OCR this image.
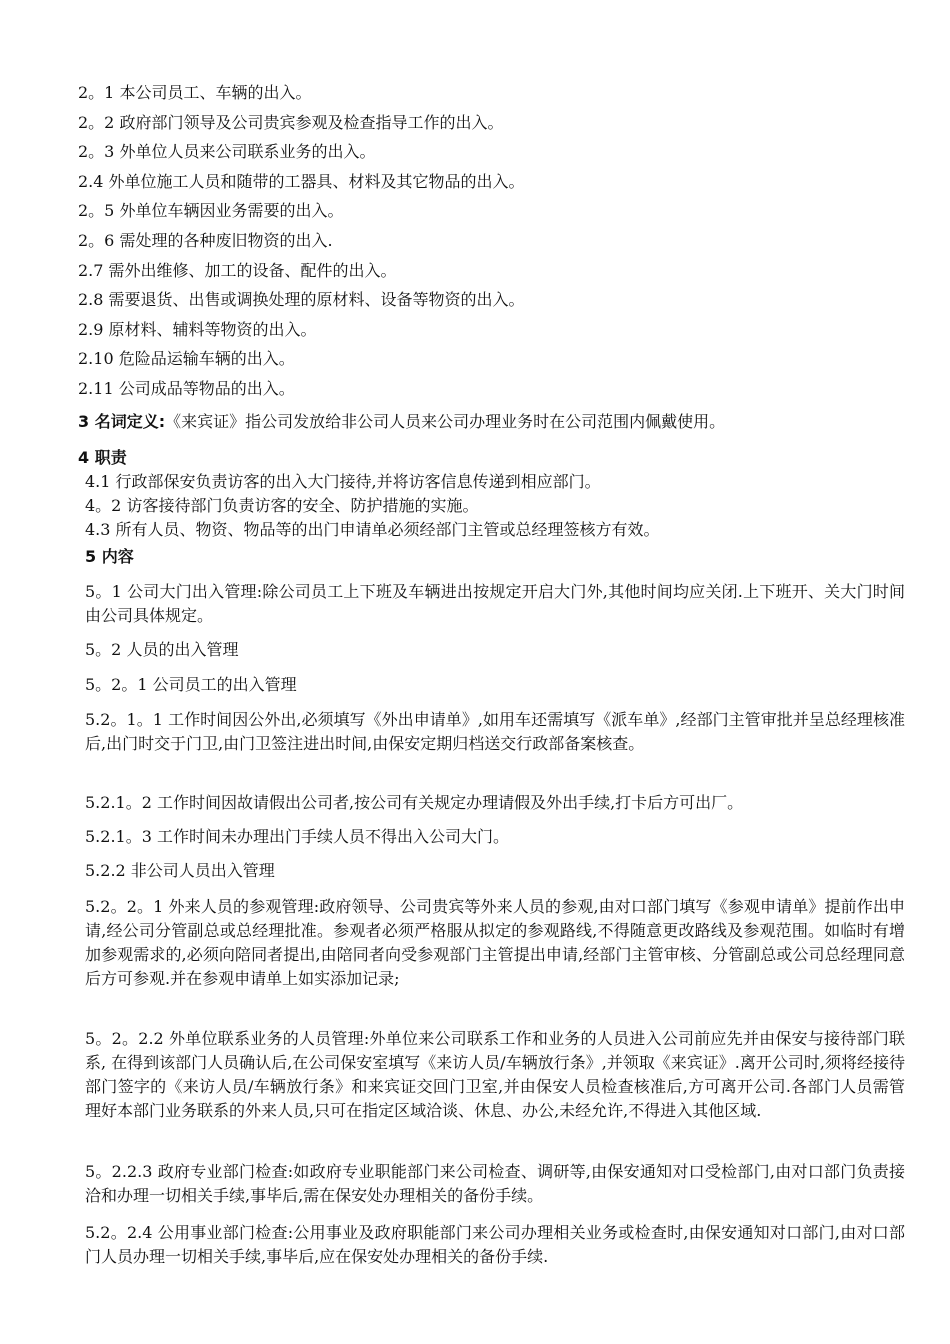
2。1 本公司员工、车辆的出入。
2。2 政府部门领导及公司贵宾参观及检查指导工作的出入。
2。3 外单位人员来公司联系业务的出入。
2.4 外单位施工人员和随带的工器具、材料及其它物品的出入。
2。5 外单位车辆因业务需要的出入。
2。6 需处理的各种废旧物资的出入.
2.7 需外出维修、加工的设备、配件的出入。
2.8 需要退货、出售或调换处理的原材料、设备等物资的出入。
2.9 原材料、辅料等物资的出入。
2.10 危险品运输车辆的出入。
2.11 公司成品等物品的出入。
3 名词定义:《来宾证》指公司发放给非公司人员来公司办理业务时在公司范围内佩戴使用。
4 职责
4.1 行政部保安负责访客的出入大门接待,并将访客信息传递到相应部门。
4。2 访客接待部门负责访客的安全、防护措施的实施。
4.3 所有人员、物资、物品等的出门申请单必须经部门主管或总经理签核方有效。
5 内容
5。1 公司大门出入管理:除公司员工上下班及车辆进出按规定开启大门外,其他时间均应关闭.上下班开、关大门时间由公司具体规定。
5。2 人员的出入管理
5。2。1 公司员工的出入管理
5.2。1。1 工作时间因公外出,必须填写《外出申请单》,如用车还需填写《派车单》,经部门主管审批并呈总经理核准后,出门时交于门卫,由门卫签注进出时间,由保安定期归档送交行政部备案核查。
5.2.1。2 工作时间因故请假出公司者,按公司有关规定办理请假及外出手续,打卡后方可出厂。
5.2.1。3 工作时间未办理出门手续人员不得出入公司大门。
5.2.2 非公司人员出入管理
5.2。2。1 外来人员的参观管理:政府领导、公司贵宾等外来人员的参观,由对口部门填写《参观申请单》提前作出申请,经公司分管副总或总经理批准。参观者必须严格服从拟定的参观路线,不得随意更改路线及参观范围。如临时有增加参观需求的,必须向陪同者提出,由陪同者向受参观部门主管提出申请,经部门主管审核、分管副总或公司总经理同意后方可参观.并在参观申请单上如实添加记录;
5。2。2.2 外单位联系业务的人员管理:外单位来公司联系工作和业务的人员进入公司前应先并由保安与接待部门联系, 在得到该部门人员确认后,在公司保安室填写《来访人员/车辆放行条》,并领取《来宾证》.离开公司时,须将经接待部门签字的《来访人员/车辆放行条》和来宾证交回门卫室,并由保安人员检查核准后,方可离开公司.各部门人员需管理好本部门业务联系的外来人员,只可在指定区域洽谈、休息、办公,未经允许,不得进入其他区域.
5。2.2.3 政府专业部门检查:如政府专业职能部门来公司检查、调研等,由保安通知对口受检部门,由对口部门负责接洽和办理一切相关手续,事毕后,需在保安处办理相关的备份手续。
5.2。2.4 公用事业部门检查:公用事业及政府职能部门来公司办理相关业务或检查时,由保安通知对口部门,由对口部门人员办理一切相关手续,事毕后,应在保安处办理相关的备份手续.
